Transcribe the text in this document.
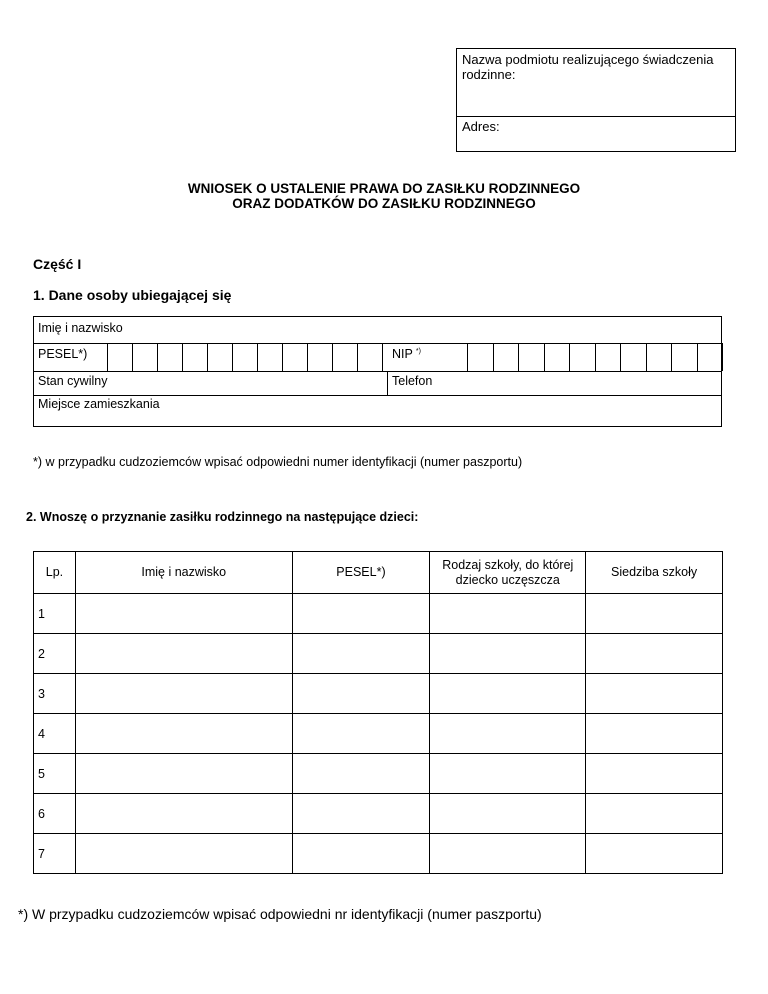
Nazwa podmiotu realizującego świadczenia rodzinne:
Adres:
WNIOSEK O USTALENIE PRAWA DO ZASIŁKU RODZINNEGO
ORAZ DODATKÓW DO ZASIŁKU RODZINNEGO
Część I
1. Dane osoby ubiegającej się
Imię i nazwisko
PESEL*)	NIP *)
Stan cywilny	Telefon
Miejsce zamieszkania
*) w przypadku cudzoziemców wpisać odpowiedni numer identyfikacji (numer paszportu)
2. Wnoszę o przyznanie zasiłku rodzinnego na następujące dzieci:
Lp.	Imię i nazwisko	PESEL*)	Rodzaj szkoły, do której dziecko uczęszcza	Siedziba szkoły
1				
2				
3				
4				
5				
6				
7				
*) W przypadku cudzoziemców wpisać odpowiedni nr identyfikacji (numer paszportu)
